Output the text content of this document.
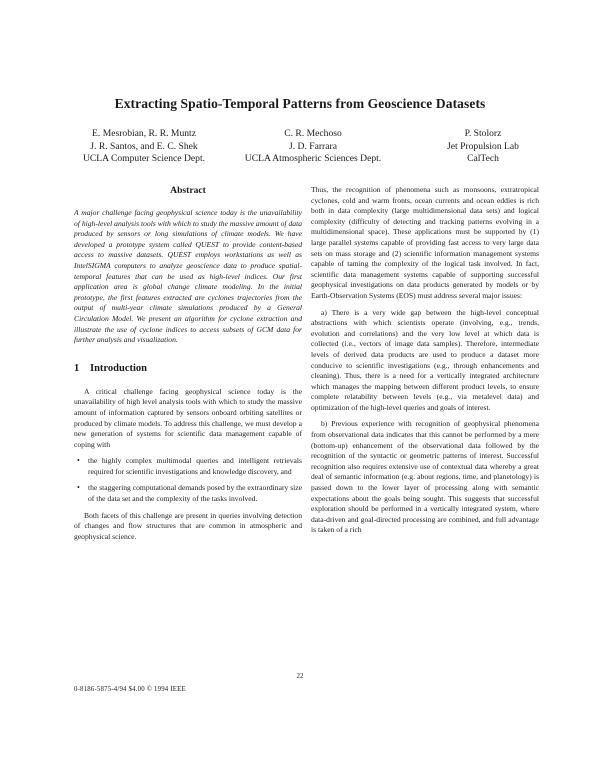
Extracting Spatio-Temporal Patterns from Geoscience Datasets
E. Mesrobian, R. R. Muntz
J. R. Santos, and E. C. Shek
UCLA Computer Science Dept.
C. R. Mechoso
J. D. Farrara
UCLA Atmospheric Sciences Dept.
P. Stolorz
Jet Propulsion Lab
CalTech
Abstract

A major challenge facing geophysical science today is the unavailability of high-level analysis tools with which to study the massive amount of data produced by sensors or long simulations of climate models. We have developed a prototype system called QUEST to provide content-based access to massive datasets. QUEST employs workstations as well as IntelSIGMA computers to analyze geoscience data to produce spatial-temporal features that can be used as high-level indices. Our first application area is global change climate modeling. In the initial prototype, the first features extracted are cyclones trajectories from the output of multi-year climate simulations produced by a General Circulation Model. We present an algorithm for cyclone extraction and illustrate the use of cyclone indices to access subsets of GCM data for further analysis and visualization.

1 Introduction

A critical challenge facing geophysical science today is the unavailability of high level analysis tools with which to study the massive amount of information captured by sensors onboard orbiting satellites or produced by climate models. To address this challenge, we must develop a new generation of systems for scientific data management capable of coping with

• the highly complex multimodal queries and intelligent retrievals required for scientific investigations and knowledge discovery, and
• the staggering computational demands posed by the extraordinary size of the data set and the complexity of the tasks involved.

Both facets of this challenge are present in queries involving detection of changes and flow structures that are common in atmospheric and geophysical science.

Thus, the recognition of phenomena such as monsoons, extratropical cyclones, cold and warm fronts, ocean currents and ocean eddies is rich both in data complexity (large multidimensional data sets) and logical complexity (difficulty of detecting and tracking patterns evolving in a multidimensional space). These applications must be supported by (1) large parallel systems capable of providing fast access to very large data sets on mass storage and (2) scientific information management systems capable of taming the complexity of the logical task involved. In fact, scientific data management systems capable of supporting successful geophysical investigations on data products generated by models or by Earth-Observation Systems (EOS) must address several major issues:

a) There is a very wide gap between the high-level conceptual abstractions with which scientists operate (involving, e.g., trends, evolution and correlations) and the very low level at which data is collected (i.e., vectors of image data samples). Therefore, intermediate levels of derived data products are used to produce a dataset more conducive to scientific investigations (e.g., through enhancements and cleaning). Thus, there is a need for a vertically integrated architecture which manages the mapping between different product levels, to ensure complete relatability between levels (e.g., via metalevel data) and optimization of the high-level queries and goals of interest.

b) Previous experience with recognition of geophysical phenomena from observational data indicates that this cannot be performed by a mere (bottom-up) enhancement of the observational data followed by the recognition of the syntactic or geometric patterns of interest. Successful recognition also requires extensive use of contextual data whereby a great deal of semantic information (e.g. about regions, time, and planetology) is passed down to the lower layer of processing along with semantic expectations about the goals being sought. This suggests that successful exploration should be performed in a vertically integrated system, where data-driven and goal-directed processing are combined, and full advantage is taken of a rich

22
0-8186-5875-4/94 $4.00 © 1994 IEEE
